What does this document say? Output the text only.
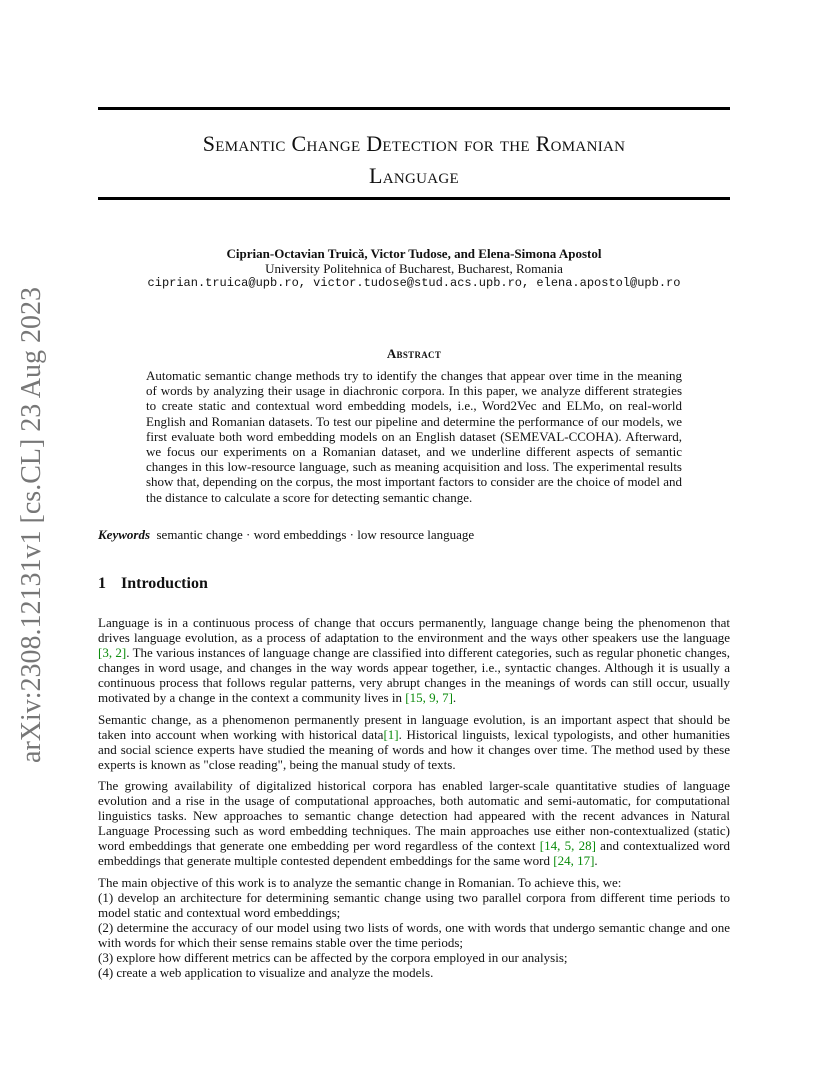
arXiv:2308.12131v1 [cs.CL] 23 Aug 2023
Semantic Change Detection for the Romanian
Language
Ciprian-Octavian Truică, Victor Tudose, and Elena-Simona Apostol
University Politehnica of Bucharest, Bucharest, Romania
ciprian.truica@upb.ro, victor.tudose@stud.acs.upb.ro, elena.apostol@upb.ro
Abstract
Automatic semantic change methods try to identify the changes that appear over time in the meaning of words by analyzing their usage in diachronic corpora. In this paper, we analyze different strategies to create static and contextual word embedding models, i.e., Word2Vec and ELMo, on real-world English and Romanian datasets. To test our pipeline and determine the performance of our models, we first evaluate both word embedding models on an English dataset (SEMEVAL-CCOHA). Afterward, we focus our experiments on a Romanian dataset, and we underline different aspects of semantic changes in this low-resource language, such as meaning acquisition and loss. The experimental results show that, depending on the corpus, the most important factors to consider are the choice of model and the distance to calculate a score for detecting semantic change.
Keywords semantic change · word embeddings · low resource language
1 Introduction

Language is in a continuous process of change that occurs permanently, language change being the phenomenon that drives language evolution, as a process of adaptation to the environment and the ways other speakers use the language [3, 2]. The various instances of language change are classified into different categories, such as regular phonetic changes, changes in word usage, and changes in the way words appear together, i.e., syntactic changes. Although it is usually a continuous process that follows regular patterns, very abrupt changes in the meanings of words can still occur, usually motivated by a change in the context a community lives in [15, 9, 7].

Semantic change, as a phenomenon permanently present in language evolution, is an important aspect that should be taken into account when working with historical data[1]. Historical linguists, lexical typologists, and other humanities and social science experts have studied the meaning of words and how it changes over time. The method used by these experts is known as "close reading", being the manual study of texts.

The growing availability of digitalized historical corpora has enabled larger-scale quantitative studies of language evolution and a rise in the usage of computational approaches, both automatic and semi-automatic, for computational linguistics tasks. New approaches to semantic change detection had appeared with the recent advances in Natural Language Processing such as word embedding techniques. The main approaches use either non-contextualized (static) word embeddings that generate one embedding per word regardless of the context [14, 5, 28] and contextualized word embeddings that generate multiple contested dependent embeddings for the same word [24, 17].

The main objective of this work is to analyze the semantic change in Romanian. To achieve this, we:
(1) develop an architecture for determining semantic change using two parallel corpora from different time periods to model static and contextual word embeddings;
(2) determine the accuracy of our model using two lists of words, one with words that undergo semantic change and one with words for which their sense remains stable over the time periods;
(3) explore how different metrics can be affected by the corpora employed in our analysis;
(4) create a web application to visualize and analyze the models.
